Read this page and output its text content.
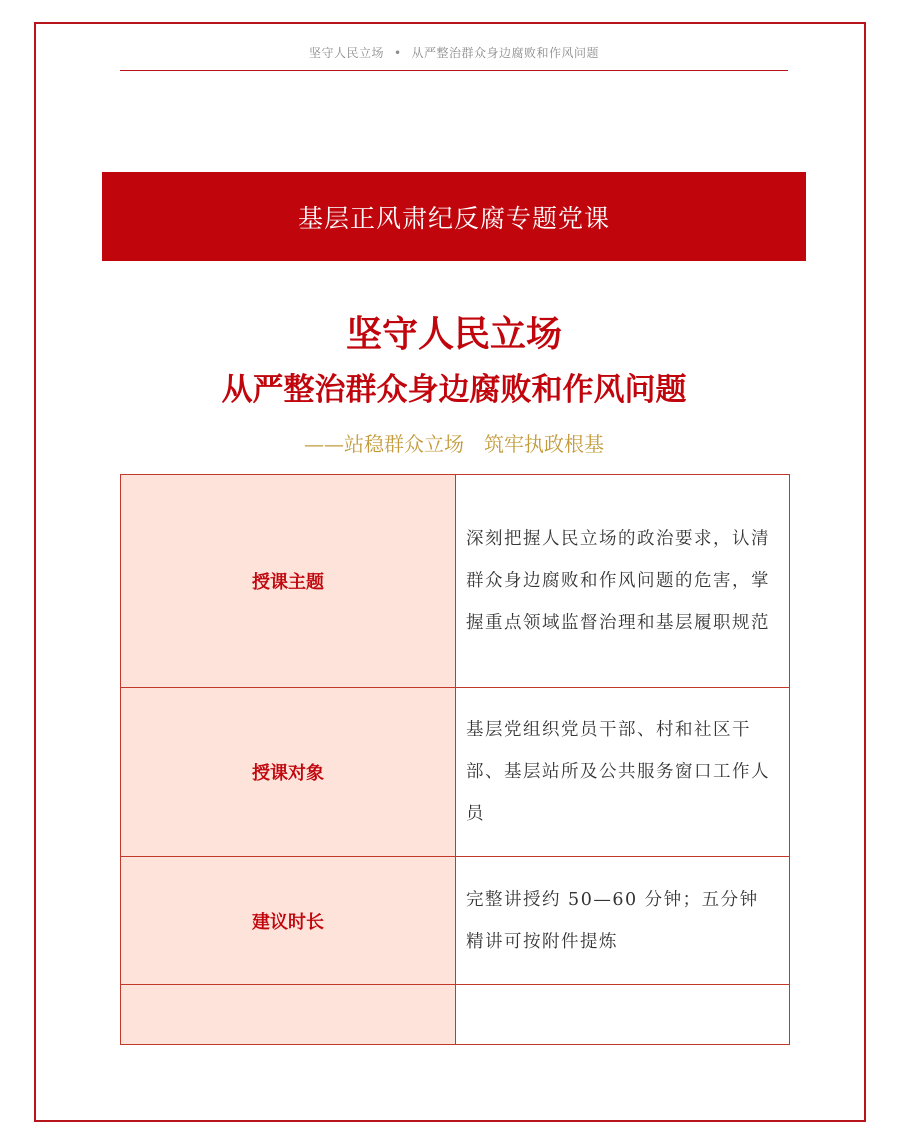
坚守人民立场 • 从严整治群众身边腐败和作风问题
基层正风肃纪反腐专题党课
坚守人民立场
从严整治群众身边腐败和作风问题
——站稳群众立场　筑牢执政根基
授课主题	深刻把握人民立场的政治要求，认清群众身边腐败和作风问题的危害，掌握重点领域监督治理和基层履职规范
授课对象	基层党组织党员干部、村和社区干部、基层站所及公共服务窗口工作人员
建议时长	完整讲授约 50—60 分钟；五分钟精讲可按附件提炼
